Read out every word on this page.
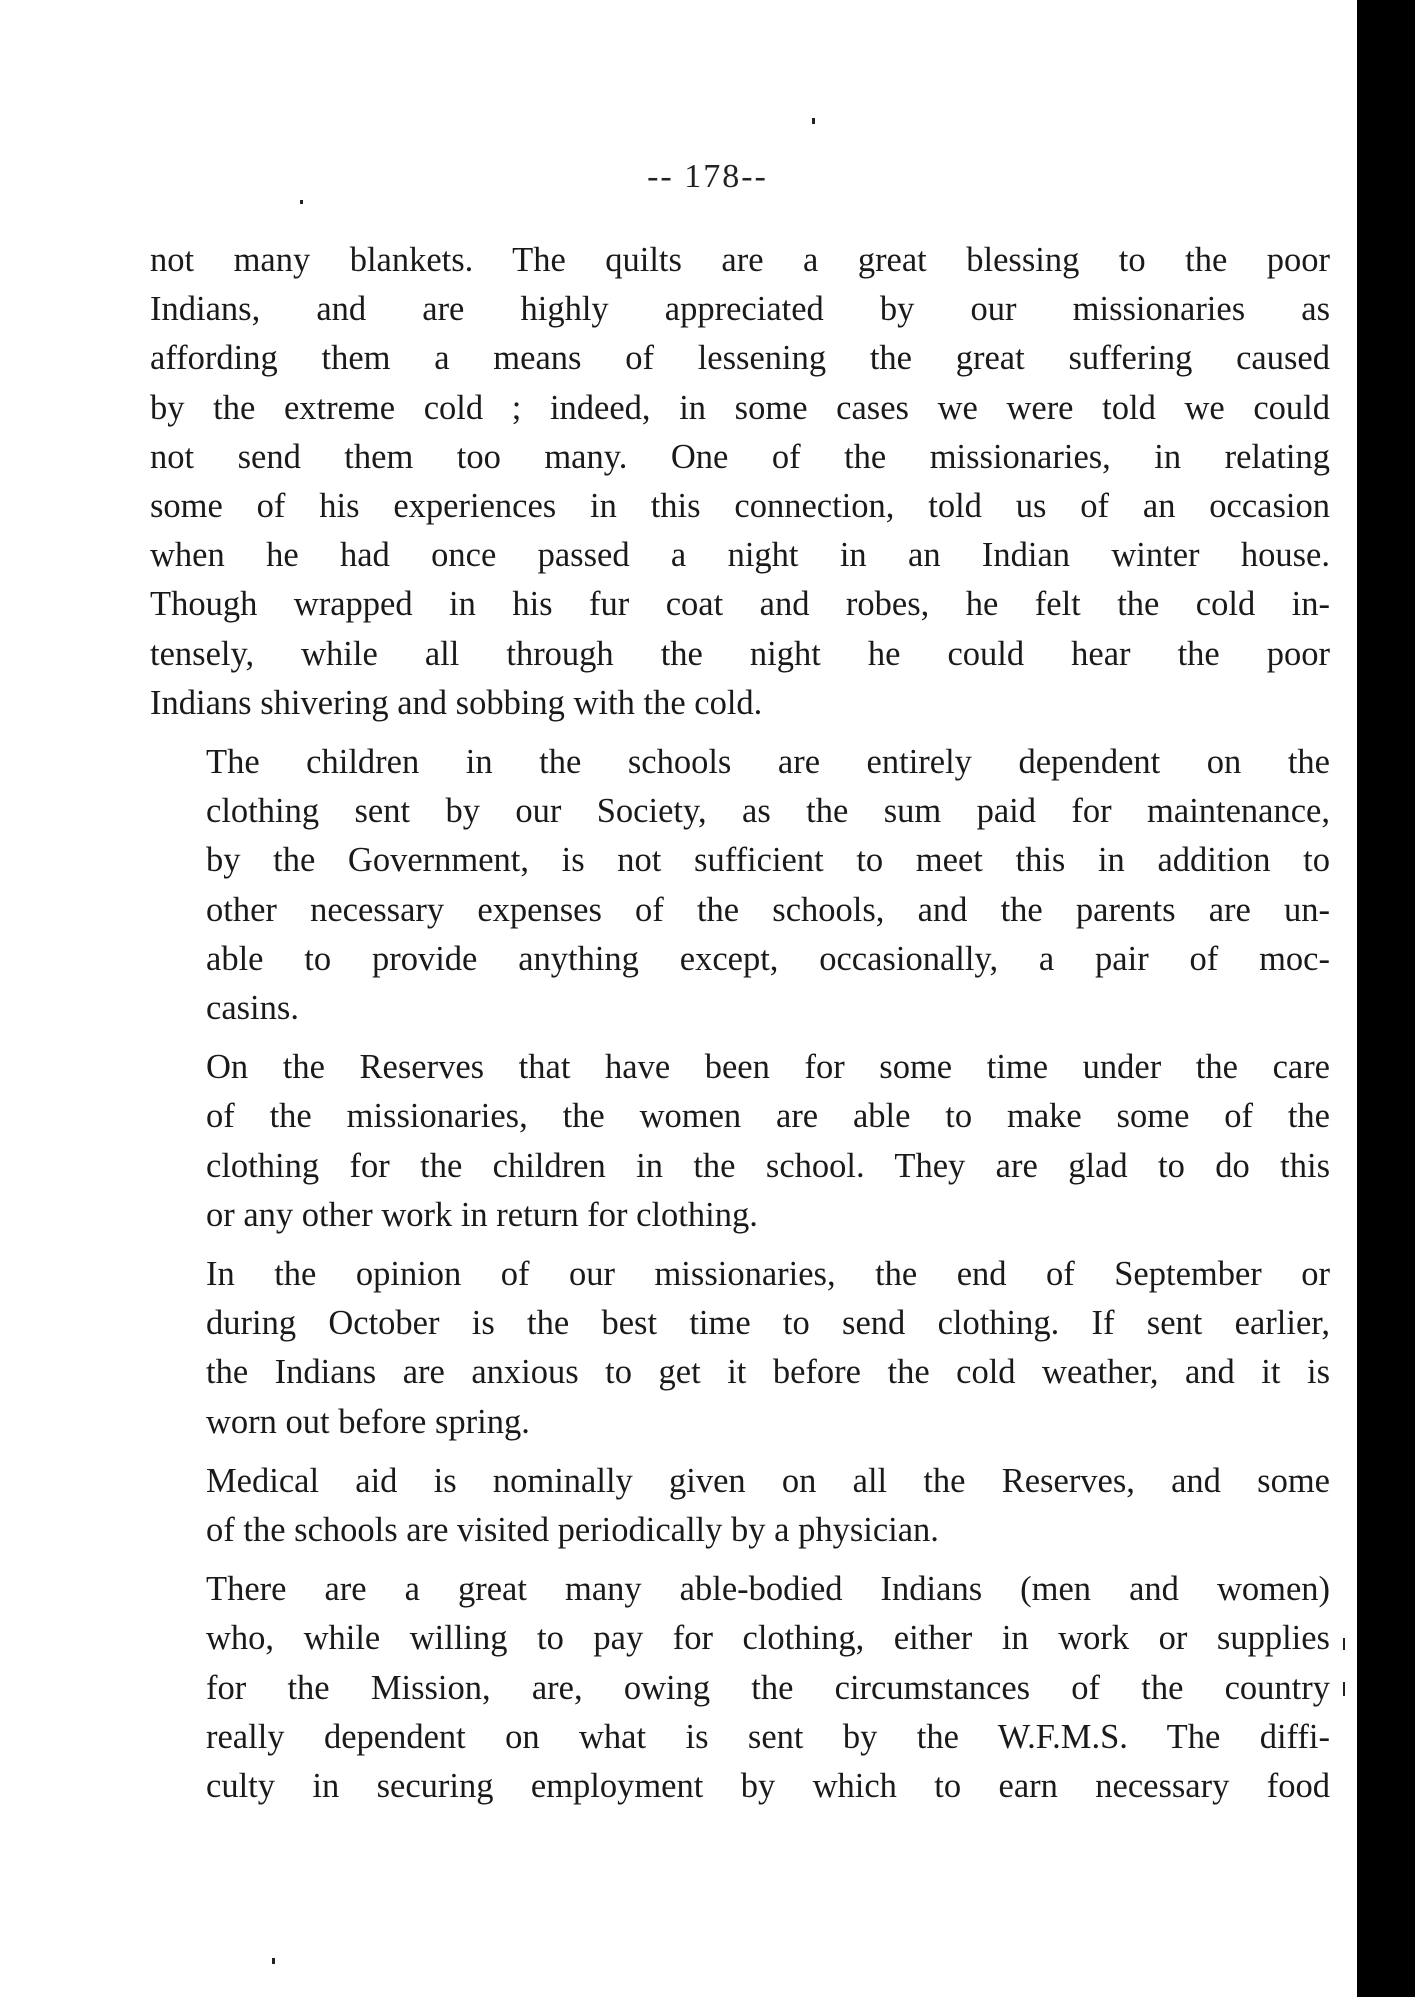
-- 178--

not many blankets. The quilts are a great blessing to the poor
Indians, and are highly appreciated by our missionaries as
affording them a means of lessening the great suffering caused
by the extreme cold ; indeed, in some cases we were told we could
not send them too many. One of the missionaries, in relating
some of his experiences in this connection, told us of an occasion
when he had once passed a night in an Indian winter house.
Though wrapped in his fur coat and robes, he felt the cold in-
tensely, while all through the night he could hear the poor
Indians shivering and sobbing with the cold.

The children in the schools are entirely dependent on the
clothing sent by our Society, as the sum paid for maintenance,
by the Government, is not sufficient to meet this in addition to
other necessary expenses of the schools, and the parents are un-
able to provide anything except, occasionally, a pair of moc-
casins.

On the Reserves that have been for some time under the care
of the missionaries, the women are able to make some of the
clothing for the children in the school. They are glad to do this
or any other work in return for clothing.

In the opinion of our missionaries, the end of September or
during October is the best time to send clothing. If sent earlier,
the Indians are anxious to get it before the cold weather, and it is
worn out before spring.

Medical aid is nominally given on all the Reserves, and some
of the schools are visited periodically by a physician.

There are a great many able-bodied Indians (men and women)
who, while willing to pay for clothing, either in work or supplies
for the Mission, are, owing the circumstances of the country
really dependent on what is sent by the W.F.M.S. The diffi-
culty in securing employment by which to earn necessary food
